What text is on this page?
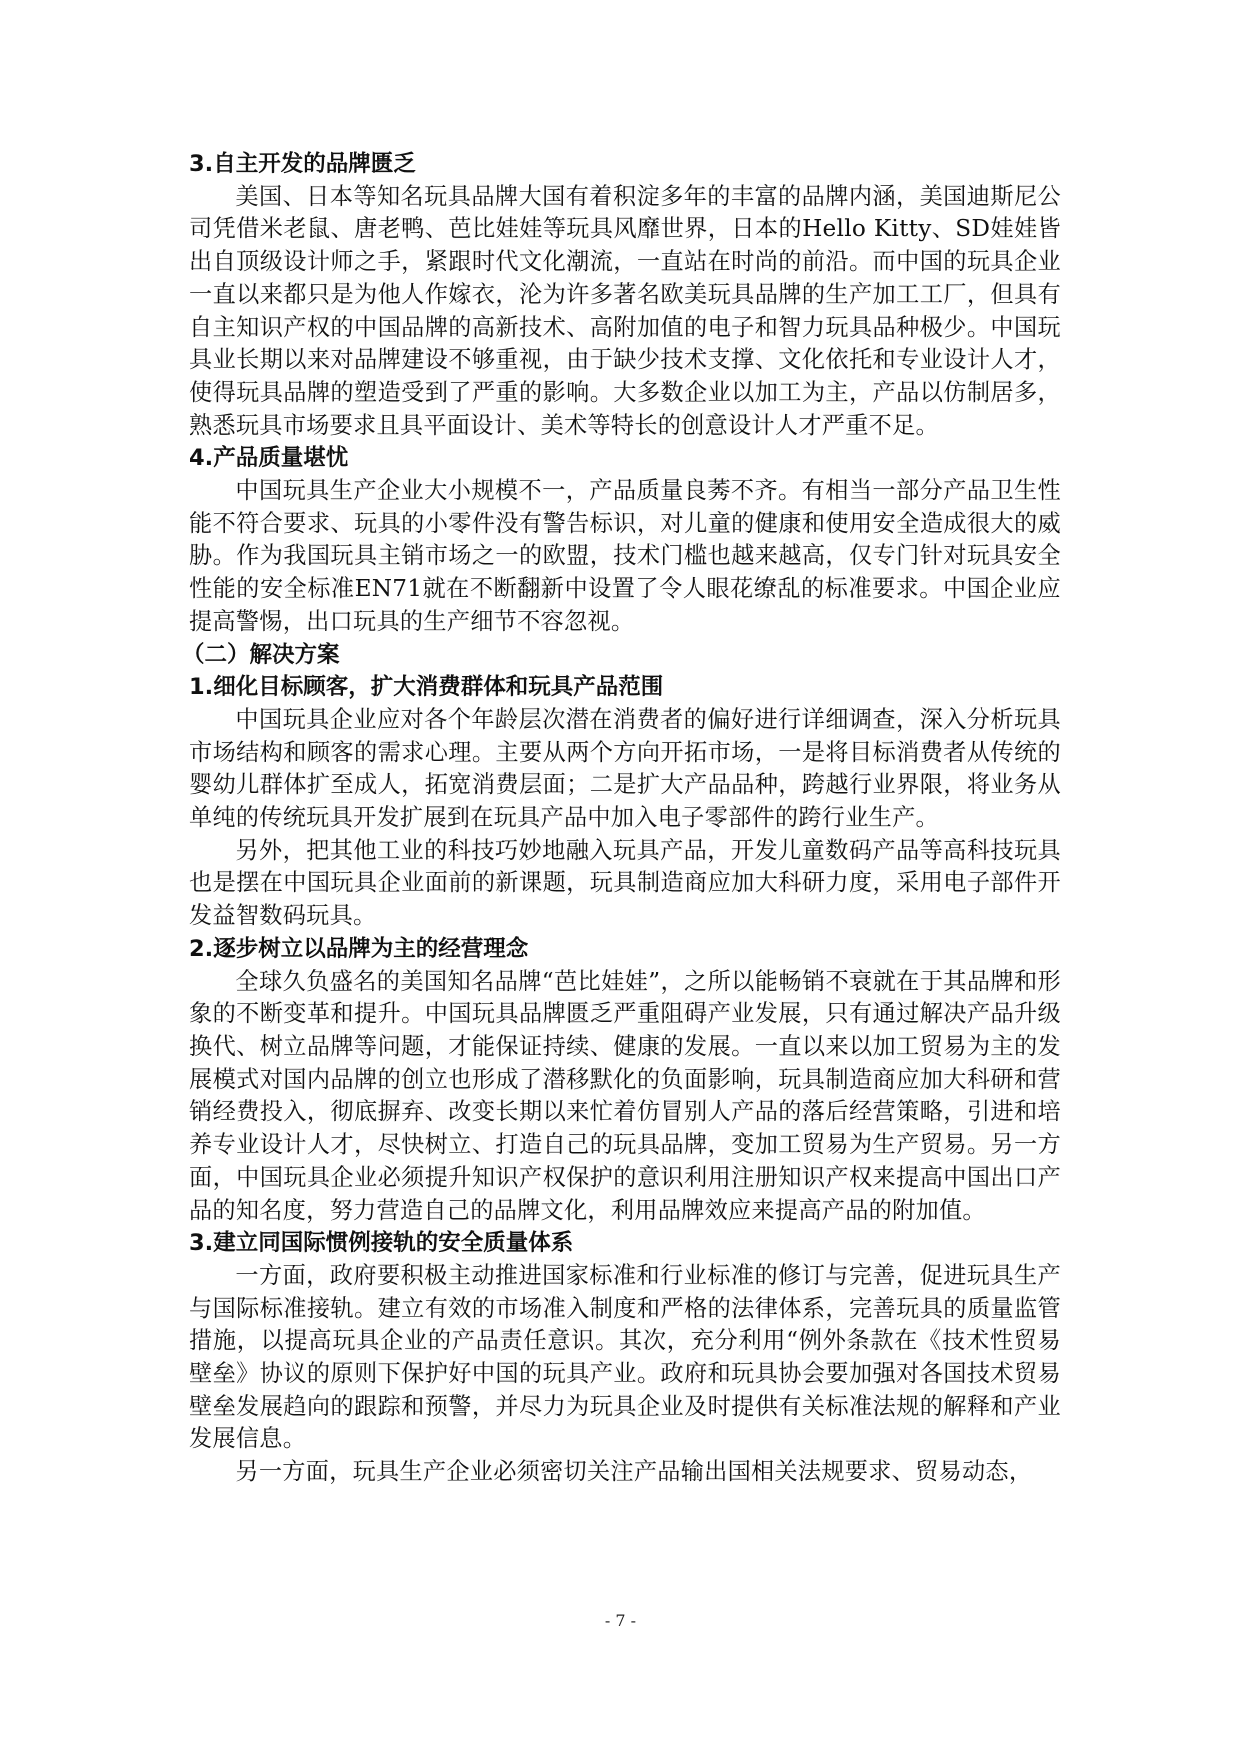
3.自主开发的品牌匮乏

美国、日本等知名玩具品牌大国有着积淀多年的丰富的品牌内涵，美国迪斯尼公司凭借米老鼠、唐老鸭、芭比娃娃等玩具风靡世界，日本的Hello Kitty、SD娃娃皆出自顶级设计师之手，紧跟时代文化潮流，一直站在时尚的前沿。而中国的玩具企业一直以来都只是为他人作嫁衣，沦为许多著名欧美玩具品牌的生产加工工厂，但具有自主知识产权的中国品牌的高新技术、高附加值的电子和智力玩具品种极少。中国玩具业长期以来对品牌建设不够重视，由于缺少技术支撑、文化依托和专业设计人才，使得玩具品牌的塑造受到了严重的影响。大多数企业以加工为主，产品以仿制居多，熟悉玩具市场要求且具平面设计、美术等特长的创意设计人才严重不足。

4.产品质量堪忧

中国玩具生产企业大小规模不一，产品质量良莠不齐。有相当一部分产品卫生性能不符合要求、玩具的小零件没有警告标识，对儿童的健康和使用安全造成很大的威胁。作为我国玩具主销市场之一的欧盟，技术门槛也越来越高，仅专门针对玩具安全性能的安全标准EN71就在不断翻新中设置了令人眼花缭乱的标准要求。中国企业应提高警惕，出口玩具的生产细节不容忽视。

（二）解决方案
1.细化目标顾客，扩大消费群体和玩具产品范围

中国玩具企业应对各个年龄层次潜在消费者的偏好进行详细调查，深入分析玩具市场结构和顾客的需求心理。主要从两个方向开拓市场，一是将目标消费者从传统的婴幼儿群体扩至成人，拓宽消费层面；二是扩大产品品种，跨越行业界限，将业务从单纯的传统玩具开发扩展到在玩具产品中加入电子零部件的跨行业生产。

另外，把其他工业的科技巧妙地融入玩具产品，开发儿童数码产品等高科技玩具也是摆在中国玩具企业面前的新课题，玩具制造商应加大科研力度，采用电子部件开发益智数码玩具。

2.逐步树立以品牌为主的经营理念

全球久负盛名的美国知名品牌“芭比娃娃”，之所以能畅销不衰就在于其品牌和形象的不断变革和提升。中国玩具品牌匮乏严重阻碍产业发展，只有通过解决产品升级换代、树立品牌等问题，才能保证持续、健康的发展。一直以来以加工贸易为主的发展模式对国内品牌的创立也形成了潜移默化的负面影响，玩具制造商应加大科研和营销经费投入，彻底摒弃、改变长期以来忙着仿冒别人产品的落后经营策略，引进和培养专业设计人才，尽快树立、打造自己的玩具品牌，变加工贸易为生产贸易。另一方面，中国玩具企业必须提升知识产权保护的意识利用注册知识产权来提高中国出口产品的知名度，努力营造自己的品牌文化，利用品牌效应来提高产品的附加值。

3.建立同国际惯例接轨的安全质量体系

一方面，政府要积极主动推进国家标准和行业标准的修订与完善，促进玩具生产与国际标准接轨。建立有效的市场准入制度和严格的法律体系，完善玩具的质量监管措施，以提高玩具企业的产品责任意识。其次，充分利用“例外条款在《技术性贸易壁垒》协议的原则下保护好中国的玩具产业。政府和玩具协会要加强对各国技术贸易壁垒发展趋向的跟踪和预警，并尽力为玩具企业及时提供有关标准法规的解释和产业发展信息。

另一方面，玩具生产企业必须密切关注产品输出国相关法规要求、贸易动态，

- 7 -
